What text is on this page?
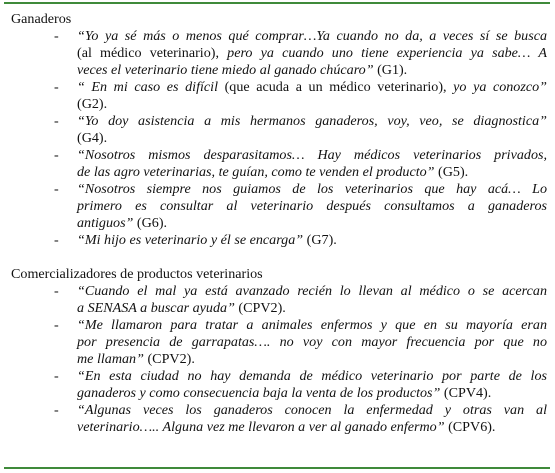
Ganaderos
-	“Yo ya sé más o menos qué comprar…Ya cuando no da, a veces sí se busca
(al médico veterinario), pero ya cuando uno tiene experiencia ya sabe… A
veces el veterinario tiene miedo al ganado chúcaro” (G1).
-	“ En mi caso es difícil (que acuda a un médico veterinario), yo ya conozco”
(G2).
-	“Yo doy asistencia a mis hermanos ganaderos, voy, veo, se diagnostica”
(G4).
-	“Nosotros mismos desparasitamos… Hay médicos veterinarios privados,
de las agro veterinarias, te guían, como te venden el producto” (G5).
-	“Nosotros siempre nos guiamos de los veterinarios que hay acá… Lo
primero es consultar al veterinario después consultamos a ganaderos
antiguos” (G6).
-	“Mi hijo es veterinario y él se encarga” (G7).
Comercializadores de productos veterinarios
-	“Cuando el mal ya está avanzado recién lo llevan al médico o se acercan
a SENASA a buscar ayuda” (CPV2).
-	“Me llamaron para tratar a animales enfermos y que en su mayoría eran
por presencia de garrapatas…. no voy con mayor frecuencia por que no
me llaman” (CPV2).
-	“En esta ciudad no hay demanda de médico veterinario por parte de los
ganaderos y como consecuencia baja la venta de los productos” (CPV4).
-	“Algunas veces los ganaderos conocen la enfermedad y otras van al
veterinario….. Alguna vez me llevaron a ver al ganado enfermo” (CPV6).
